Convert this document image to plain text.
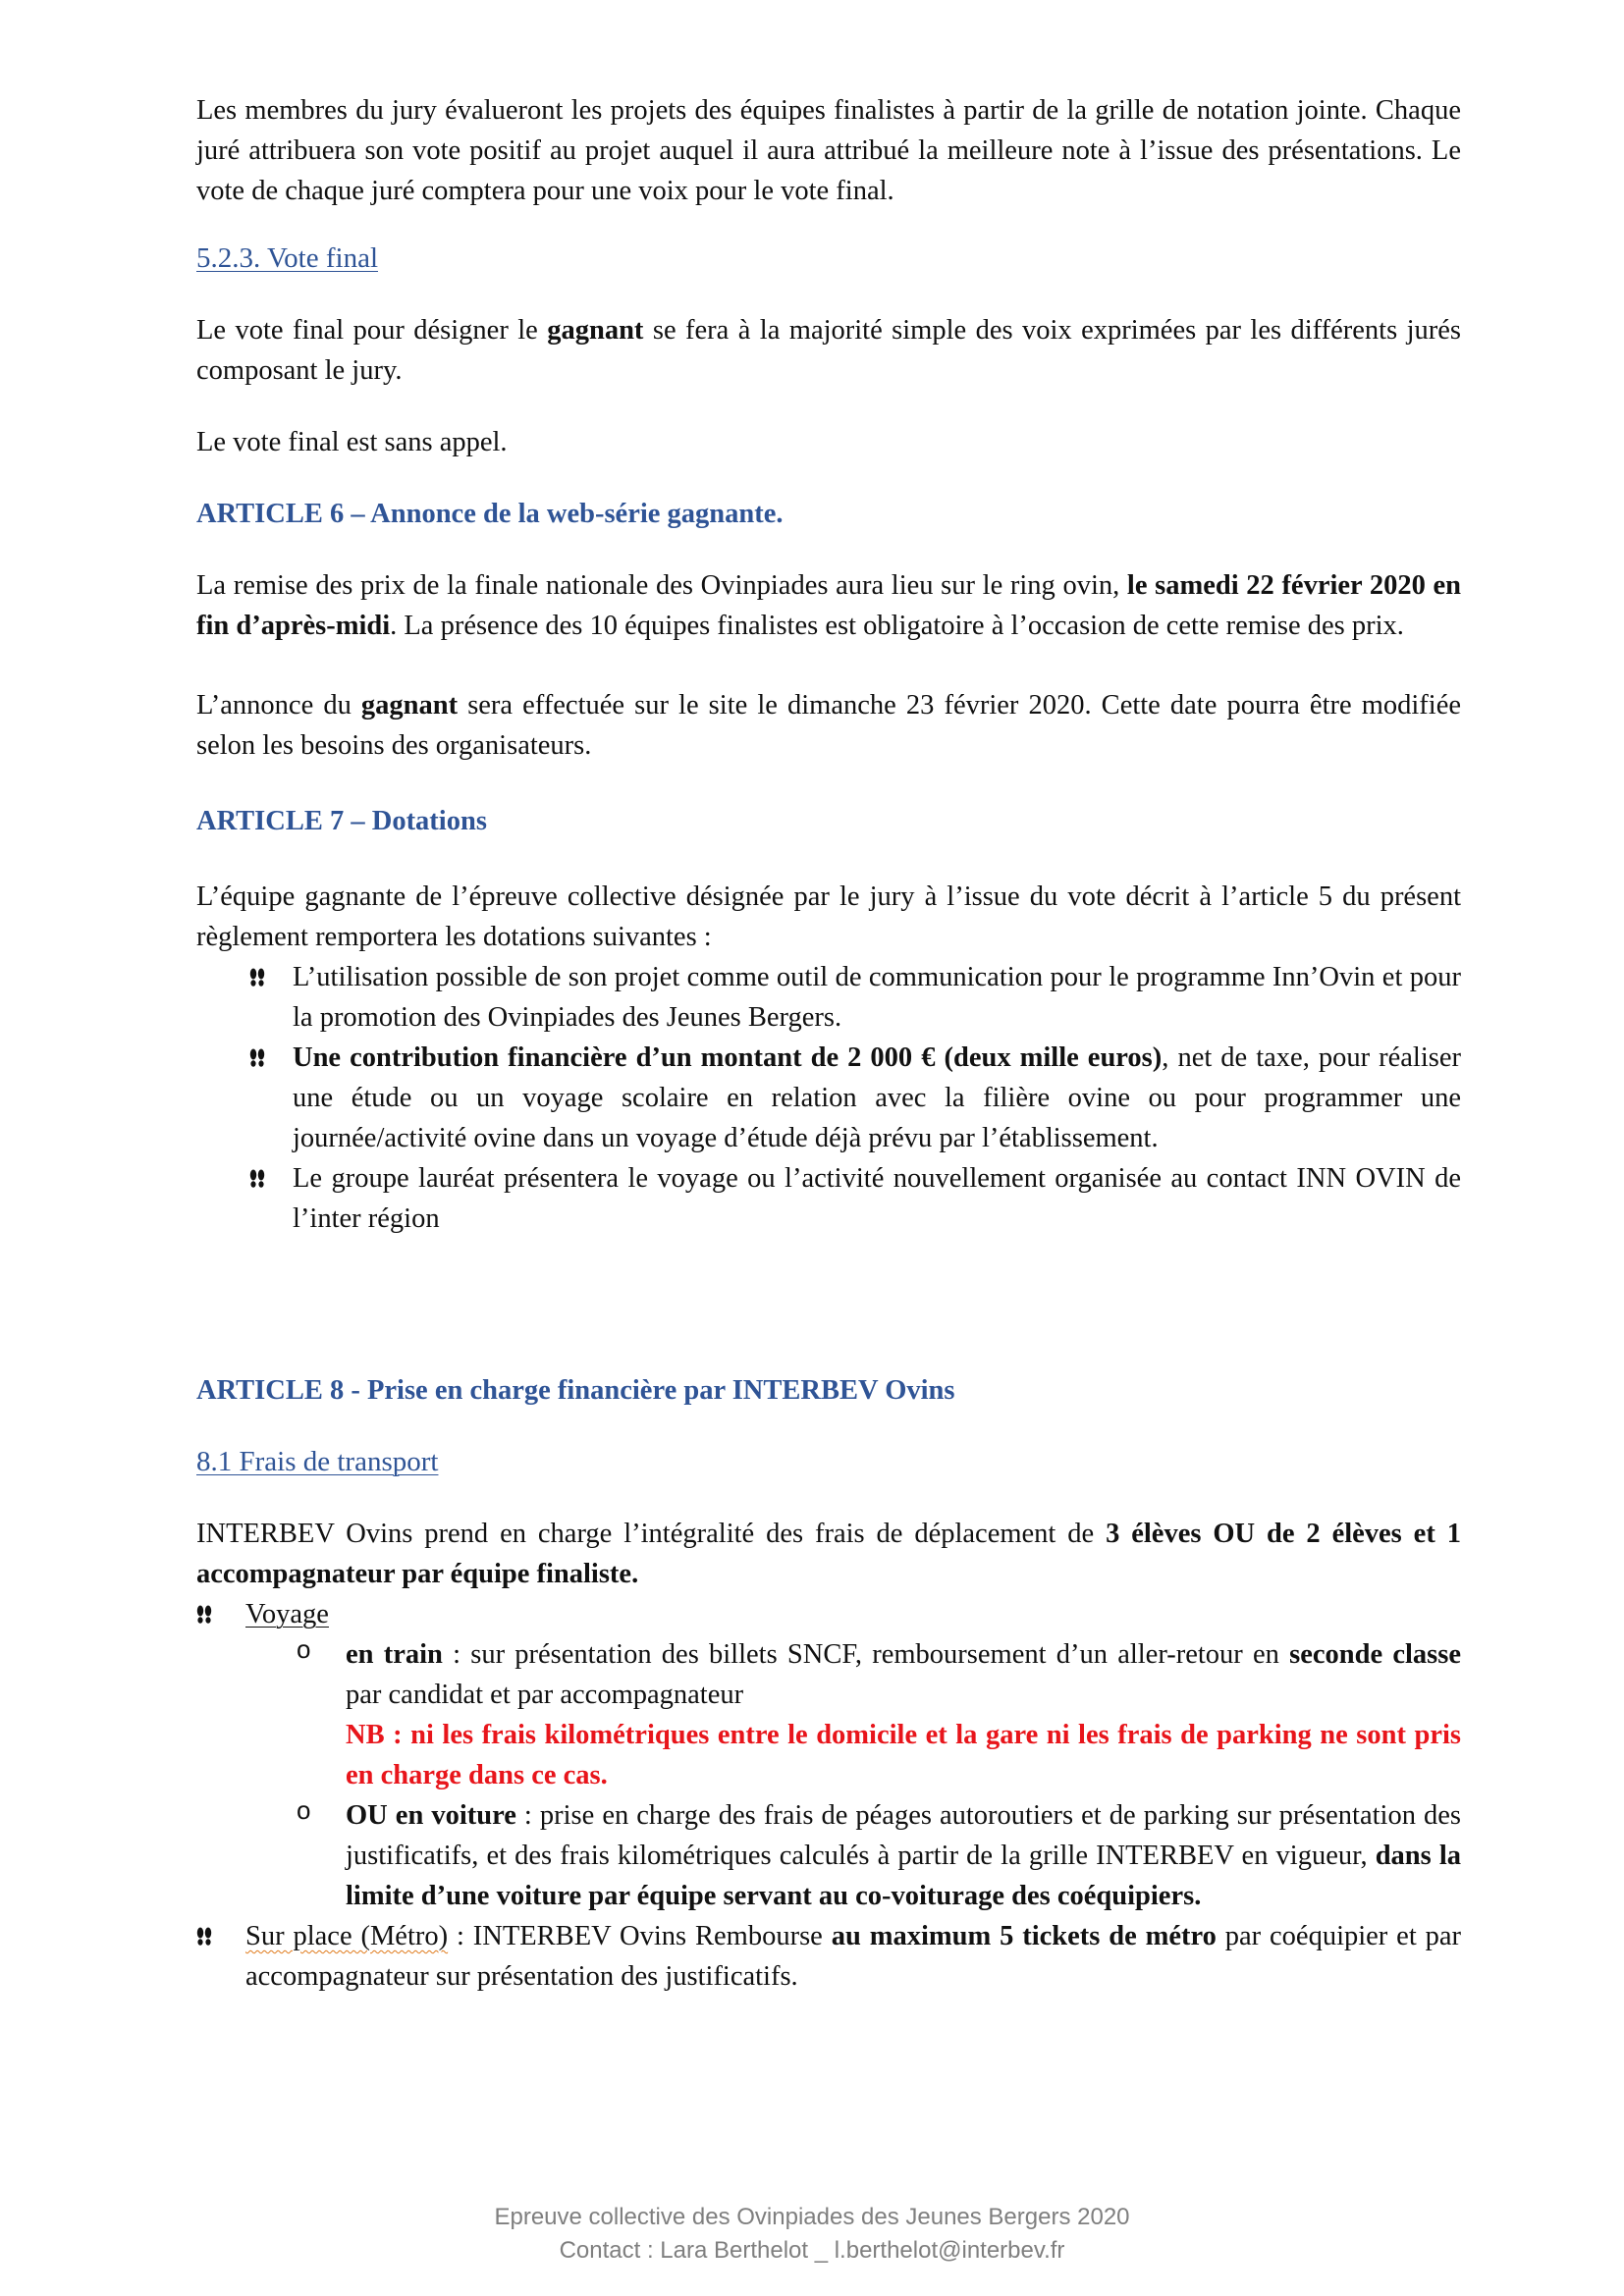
Les membres du jury évalueront les projets des équipes finalistes à partir de la grille de notation jointe. Chaque juré attribuera son vote positif au projet auquel il aura attribué la meilleure note à l’issue des présentations. Le vote de chaque juré comptera pour une voix pour le vote final.

5.2.3. Vote final

Le vote final pour désigner le gagnant se fera à la majorité simple des voix exprimées par les différents jurés composant le jury.

Le vote final est sans appel.

ARTICLE 6 – Annonce de la web-série gagnante.

La remise des prix de la finale nationale des Ovinpiades aura lieu sur le ring ovin, le samedi 22 février 2020 en fin d’après-midi. La présence des 10 équipes finalistes est obligatoire à l’occasion de cette remise des prix.

L’annonce du gagnant sera effectuée sur le site le dimanche 23 février 2020. Cette date pourra être modifiée selon les besoins des organisateurs.

ARTICLE 7 – Dotations

L’équipe gagnante de l’épreuve collective désignée par le jury à l’issue du vote décrit à l’article 5 du présent règlement remportera les dotations suivantes :

L’utilisation possible de son projet comme outil de communication pour le programme Inn’Ovin et pour la promotion des Ovinpiades des Jeunes Bergers.

Une contribution financière d’un montant de 2 000 € (deux mille euros), net de taxe, pour réaliser une étude ou un voyage scolaire en relation avec la filière ovine ou pour programmer une journée/activité ovine dans un voyage d’étude déjà prévu par l’établissement.

Le groupe lauréat présentera le voyage ou l’activité nouvellement organisée au contact INN OVIN de l’inter région

ARTICLE 8 - Prise en charge financière par INTERBEV Ovins

8.1 Frais de transport

INTERBEV Ovins prend en charge l’intégralité des frais de déplacement de 3 élèves OU de 2 élèves et 1 accompagnateur par équipe finaliste.

Voyage

o en train : sur présentation des billets SNCF, remboursement d’un aller-retour en seconde classe par candidat et par accompagnateur
NB : ni les frais kilométriques entre le domicile et la gare ni les frais de parking ne sont pris en charge dans ce cas.

o OU en voiture : prise en charge des frais de péages autoroutiers et de parking sur présentation des justificatifs, et des frais kilométriques calculés à partir de la grille INTERBEV en vigueur, dans la limite d’une voiture par équipe servant au co-voiturage des coéquipiers.

Sur place (Métro) : INTERBEV Ovins Rembourse au maximum 5 tickets de métro par coéquipier et par accompagnateur sur présentation des justificatifs.

Epreuve collective des Ovinpiades des Jeunes Bergers 2020
Contact : Lara Berthelot _ l.berthelot@interbev.fr
